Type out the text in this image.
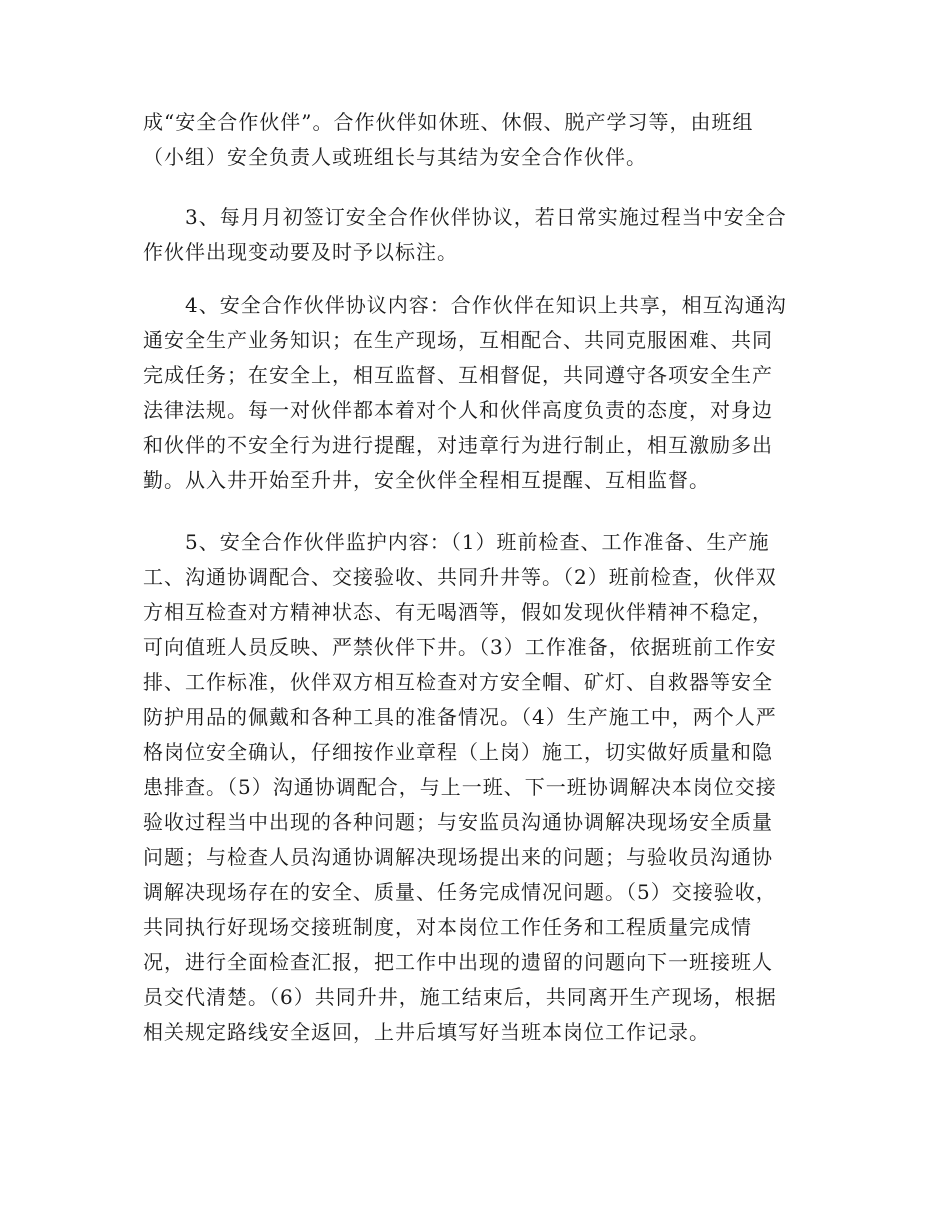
成“安全合作伙伴”。合作伙伴如休班、休假、脱产学习等，由班组
（小组）安全负责人或班组长与其结为安全合作伙伴。
3、每月月初签订安全合作伙伴协议，若日常实施过程当中安全合
作伙伴出现变动要及时予以标注。
4、安全合作伙伴协议内容：合作伙伴在知识上共享，相互沟通沟
通安全生产业务知识；在生产现场，互相配合、共同克服困难、共同
完成任务；在安全上，相互监督、互相督促，共同遵守各项安全生产
法律法规。每一对伙伴都本着对个人和伙伴高度负责的态度，对身边
和伙伴的不安全行为进行提醒，对违章行为进行制止，相互激励多出
勤。从入井开始至升井，安全伙伴全程相互提醒、互相监督。
5、安全合作伙伴监护内容：（1）班前检查、工作准备、生产施
工、沟通协调配合、交接验收、共同升井等。（2）班前检查，伙伴双
方相互检查对方精神状态、有无喝酒等，假如发现伙伴精神不稳定，
可向值班人员反映、严禁伙伴下井。（3）工作准备，依据班前工作安
排、工作标准，伙伴双方相互检查对方安全帽、矿灯、自救器等安全
防护用品的佩戴和各种工具的准备情况。（4）生产施工中，两个人严
格岗位安全确认，仔细按作业章程（上岗）施工，切实做好质量和隐
患排查。（5）沟通协调配合，与上一班、下一班协调解决本岗位交接
验收过程当中出现的各种问题；与安监员沟通协调解决现场安全质量
问题；与检查人员沟通协调解决现场提出来的问题；与验收员沟通协
调解决现场存在的安全、质量、任务完成情况问题。（5）交接验收，
共同执行好现场交接班制度，对本岗位工作任务和工程质量完成情
况，进行全面检查汇报，把工作中出现的遗留的问题向下一班接班人
员交代清楚。（6）共同升井，施工结束后，共同离开生产现场，根据
相关规定路线安全返回，上井后填写好当班本岗位工作记录。
